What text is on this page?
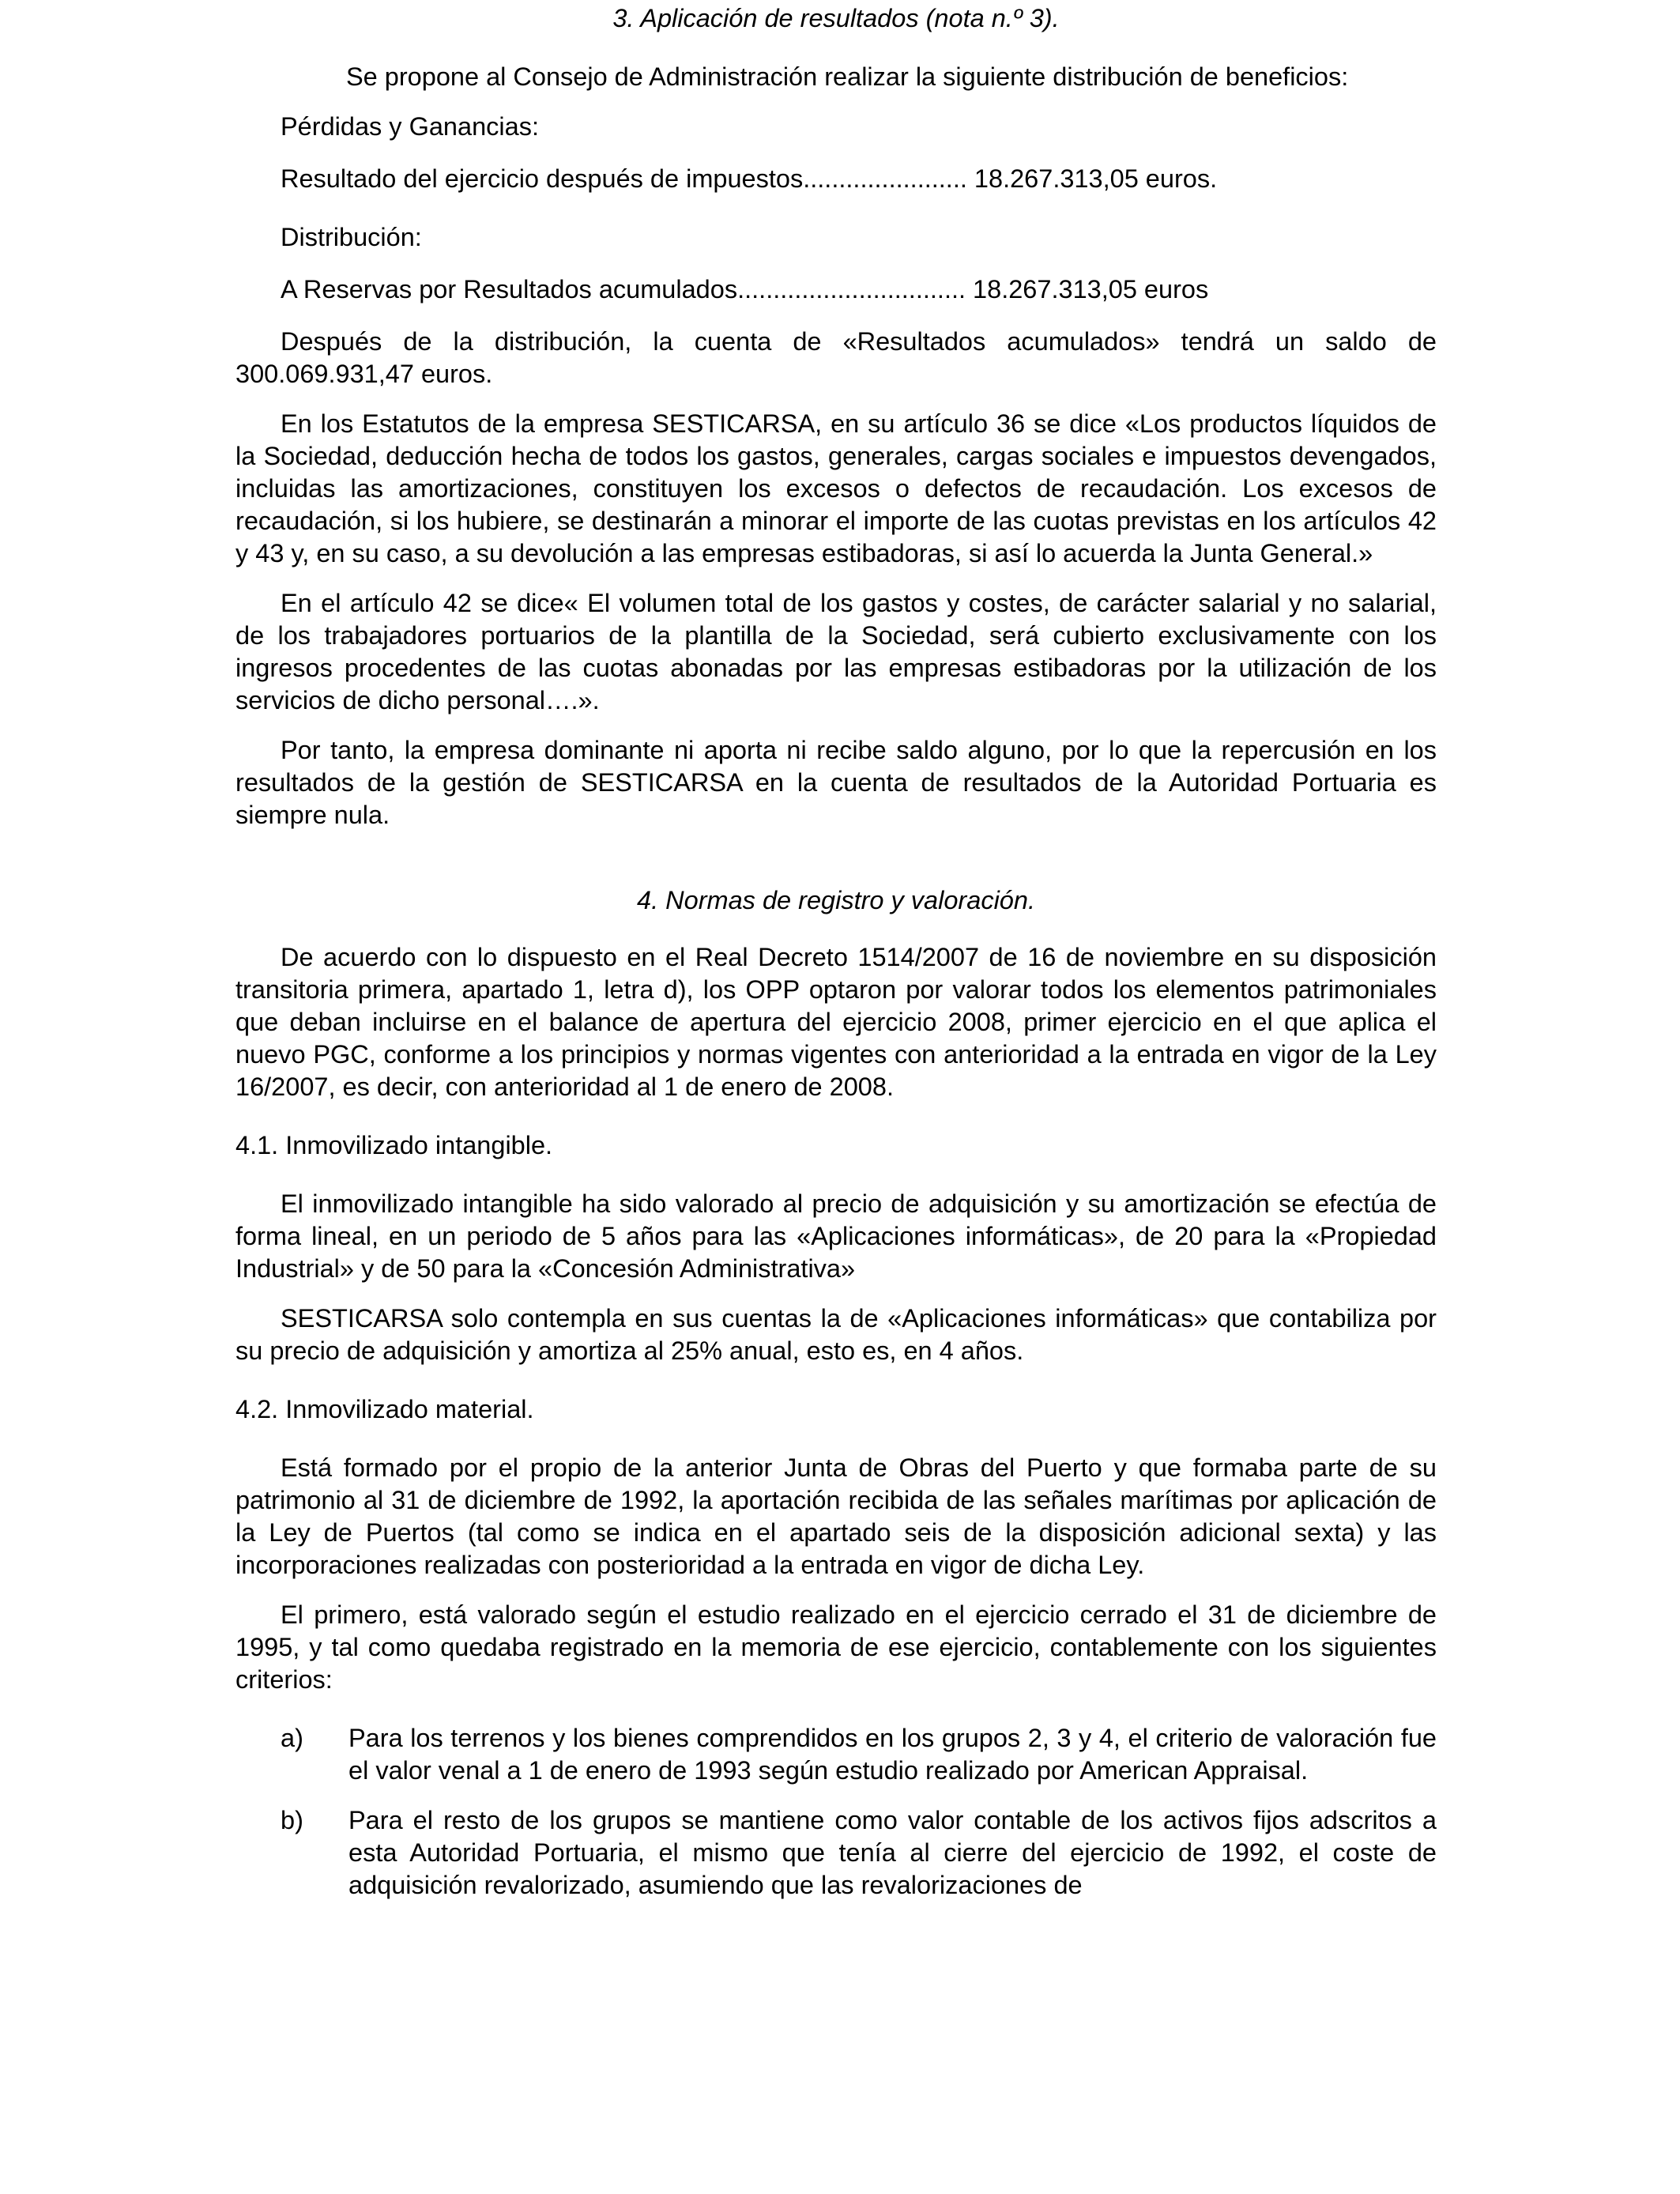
3. Aplicación de resultados (nota n.º 3).

Se propone al Consejo de Administración realizar la siguiente distribución de beneficios:

Pérdidas y Ganancias:

Resultado del ejercicio después de impuestos....................... 18.267.313,05 euros.

Distribución:

A Reservas por Resultados acumulados................................ 18.267.313,05 euros

Después de la distribución, la cuenta de «Resultados acumulados» tendrá un saldo de 300.069.931,47 euros.

En los Estatutos de la empresa SESTICARSA, en su artículo 36 se dice «Los productos líquidos de la Sociedad, deducción hecha de todos los gastos, generales, cargas sociales e impuestos devengados, incluidas las amortizaciones, constituyen los excesos o defectos de recaudación. Los excesos de recaudación, si los hubiere, se destinarán a minorar el importe de las cuotas previstas en los artículos 42 y 43 y, en su caso, a su devolución a las empresas estibadoras, si así lo acuerda la Junta General.»

En el artículo 42 se dice« El volumen total de los gastos y costes, de carácter salarial y no salarial, de los trabajadores portuarios de la plantilla de la Sociedad, será cubierto exclusivamente con los ingresos procedentes de las cuotas abonadas por las empresas estibadoras por la utilización de los servicios de dicho personal….».

Por tanto, la empresa dominante ni aporta ni recibe saldo alguno, por lo que la repercusión en los resultados de la gestión de SESTICARSA en la cuenta de resultados de la Autoridad Portuaria es siempre nula.

4. Normas de registro y valoración.

De acuerdo con lo dispuesto en el Real Decreto 1514/2007 de 16 de noviembre en su disposición transitoria primera, apartado 1, letra d), los OPP optaron por valorar todos los elementos patrimoniales que deban incluirse en el balance de apertura del ejercicio 2008, primer ejercicio en el que aplica el nuevo PGC, conforme a los principios y normas vigentes con anterioridad a la entrada en vigor de la Ley 16/2007, es decir, con anterioridad al 1 de enero de 2008.

4.1. Inmovilizado intangible.

El inmovilizado intangible ha sido valorado al precio de adquisición y su amortización se efectúa de forma lineal, en un periodo de 5 años para las «Aplicaciones informáticas», de 20 para la «Propiedad Industrial» y de 50 para la «Concesión Administrativa»

SESTICARSA solo contempla en sus cuentas la de «Aplicaciones informáticas» que contabiliza por su precio de adquisición y amortiza al 25% anual, esto es, en 4 años.

4.2. Inmovilizado material.

Está formado por el propio de la anterior Junta de Obras del Puerto y que formaba parte de su patrimonio al 31 de diciembre de 1992, la aportación recibida de las señales marítimas por aplicación de la Ley de Puertos (tal como se indica en el apartado seis de la disposición adicional sexta) y las incorporaciones realizadas con posterioridad a la entrada en vigor de dicha Ley.

El primero, está valorado según el estudio realizado en el ejercicio cerrado el 31 de diciembre de 1995, y tal como quedaba registrado en la memoria de ese ejercicio, contablemente con los siguientes criterios:

a)	Para los terrenos y los bienes comprendidos en los grupos 2, 3 y 4, el criterio de valoración fue el valor venal a 1 de enero de 1993 según estudio realizado por American Appraisal.
b)	Para el resto de los grupos se mantiene como valor contable de los activos fijos adscritos a esta Autoridad Portuaria, el mismo que tenía al cierre del ejercicio de 1992, el coste de adquisición revalorizado, asumiendo que las revalorizaciones de
